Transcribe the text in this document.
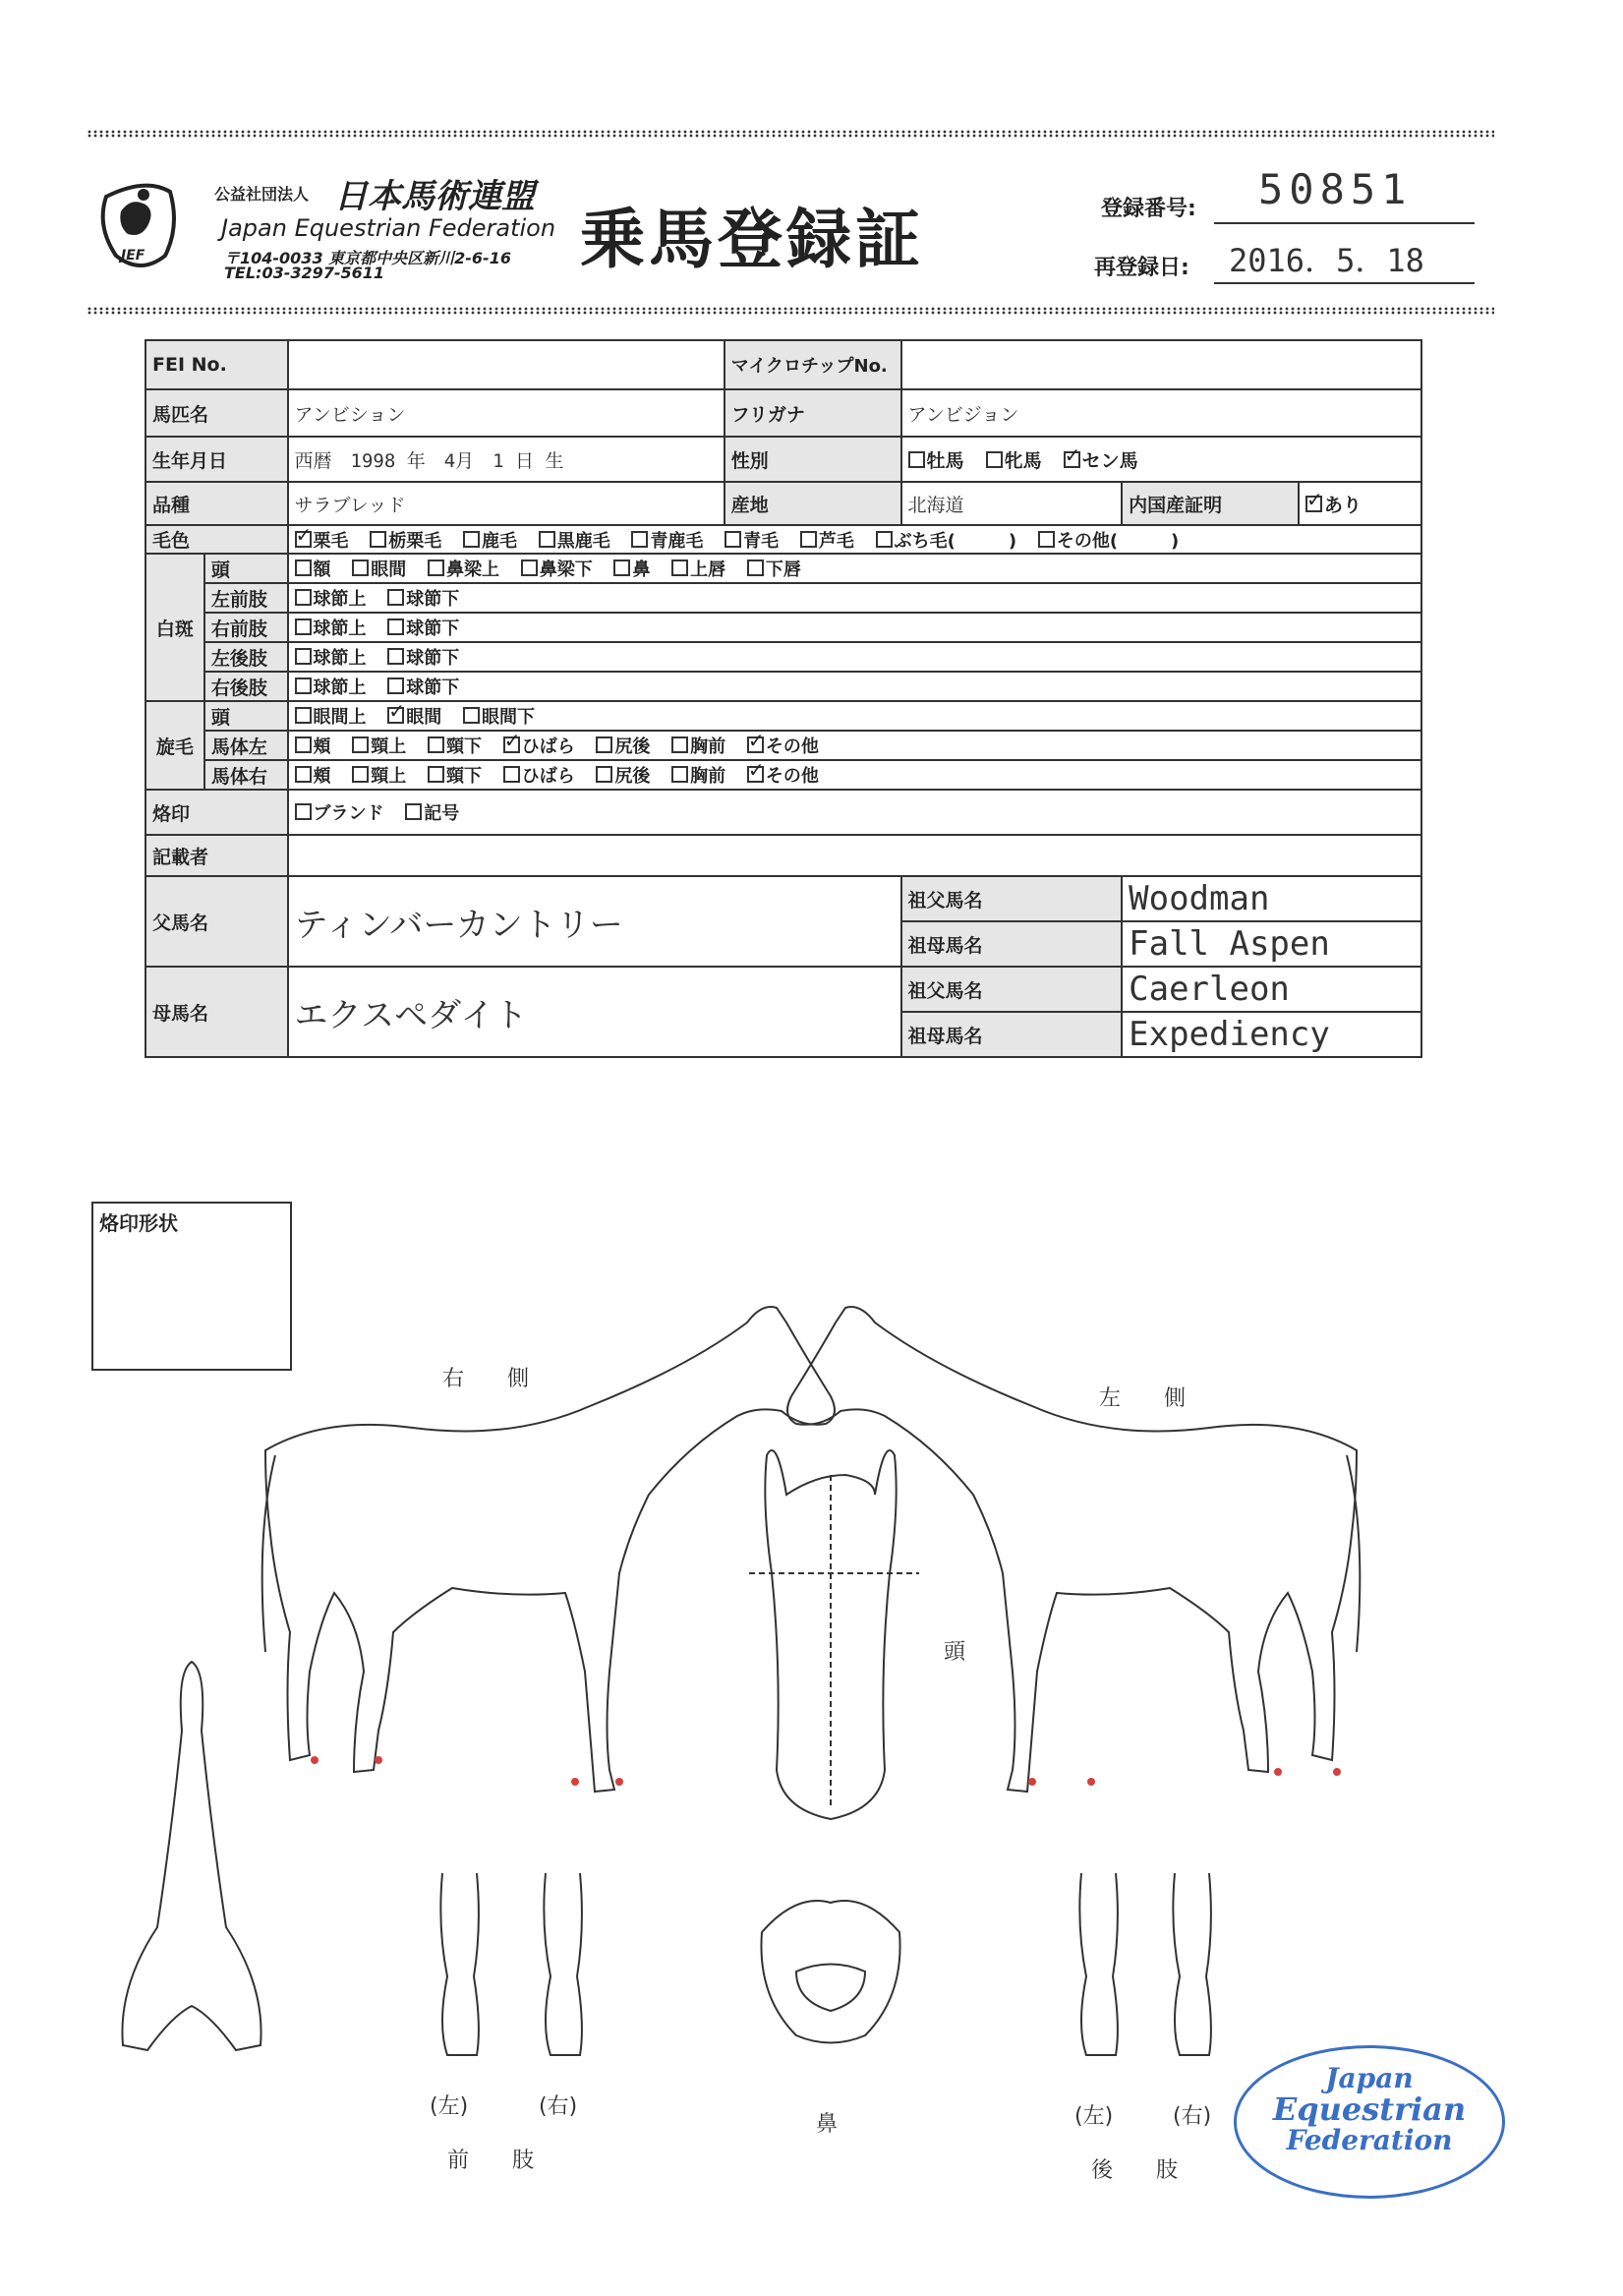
JEF
公益社団法人 日本馬術連盟
Japan Equestrian Federation
〒104-0033 東京都中央区新川2-6-16
TEL:03-3297-5611	乗馬登録証	登録番号: 50851
再登録日: 2016．5．18
FEI No.			マイクロチップNo.			
馬匹名		アンビション	フリガナ	アンビジョン		
生年月日		西暦　1998 年　4月　1 日 生	性別	牡馬 牝馬 ✓ セン馬
品種		サラブレッド	産地	北海道	内国産証明	✓あり
毛色	✓栗毛 栃栗毛 鹿毛 黒鹿毛 青鹿毛 青毛 芦毛 ぶち毛(　　　) その他(　　　)
白斑	頭	額 眼間 鼻梁上 鼻梁下 鼻 上唇 下唇				
	左前肢	球節上 球節下				
	右前肢	球節上 球節下				
	左後肢	球節上 球節下				
	右後肢	球節上 球節下				
旋毛	頭	眼間上 ✓ 眼間 眼間下
	馬体左	頬 頸上 頸下 ✓ ひばら 尻後 胸前 ✓ その他
	馬体右	頬 頸上 頸下 ひばら 尻後 胸前 ✓ その他
烙印		ブランド 記号				
記載者						
父馬名		ティンバーカントリー		祖父馬名	Woodman	
				祖母馬名	Fall Aspen	
母馬名		エクスペダイト		祖父馬名	Caerleon	
				祖母馬名	Expediency	
烙印形状
右　　側
左　　側
頭
鼻
(左)	(右)
前　　肢
(左)	(右)
後　　肢
Japan
Equestrian
Federation
